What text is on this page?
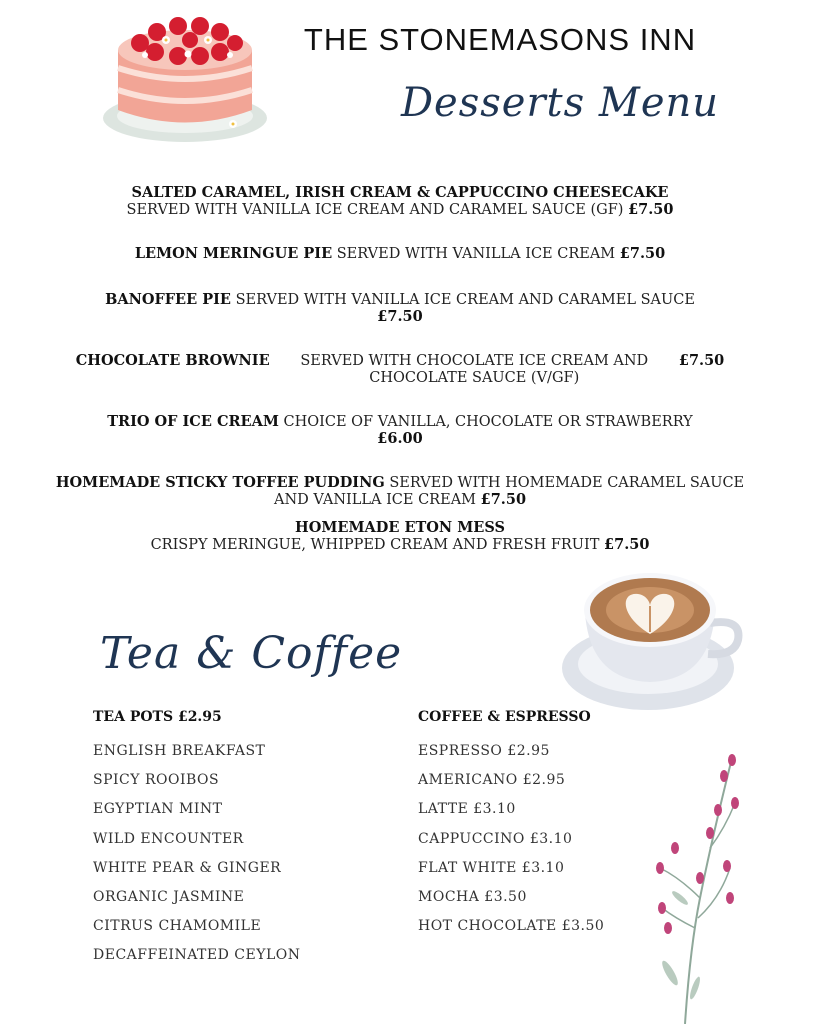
THE STONEMASONS INN
Desserts Menu
SALTED CARAMEL, IRISH CREAM & CAPPUCCINO CHEESECAKE
SERVED WITH VANILLA ICE CREAM AND CARAMEL SAUCE (GF) £7.50
LEMON MERINGUE PIE SERVED WITH VANILLA ICE CREAM £7.50
BANOFFEE PIE SERVED WITH VANILLA ICE CREAM AND CARAMEL SAUCE
£7.50
CHOCOLATE BROWNIE SERVED WITH CHOCOLATE ICE CREAM AND CHOCOLATE SAUCE (V/GF) £7.50
TRIO OF ICE CREAM CHOICE OF VANILLA, CHOCOLATE OR STRAWBERRY
£6.00
HOMEMADE STICKY TOFFEE PUDDING SERVED WITH HOMEMADE CARAMEL SAUCE AND VANILLA ICE CREAM £7.50
HOMEMADE ETON MESS
CRISPY MERINGUE, WHIPPED CREAM AND FRESH FRUIT £7.50
Tea & Coffee
TEA POTS £2.95
ENGLISH BREAKFAST
SPICY ROOIBOS
EGYPTIAN MINT
WILD ENCOUNTER
WHITE PEAR & GINGER
ORGANIC JASMINE
CITRUS CHAMOMILE
DECAFFEINATED CEYLON
COFFEE & ESPRESSO
ESPRESSO £2.95
AMERICANO £2.95
LATTE £3.10
CAPPUCCINO £3.10
FLAT WHITE £3.10
MOCHA £3.50
HOT CHOCOLATE £3.50
